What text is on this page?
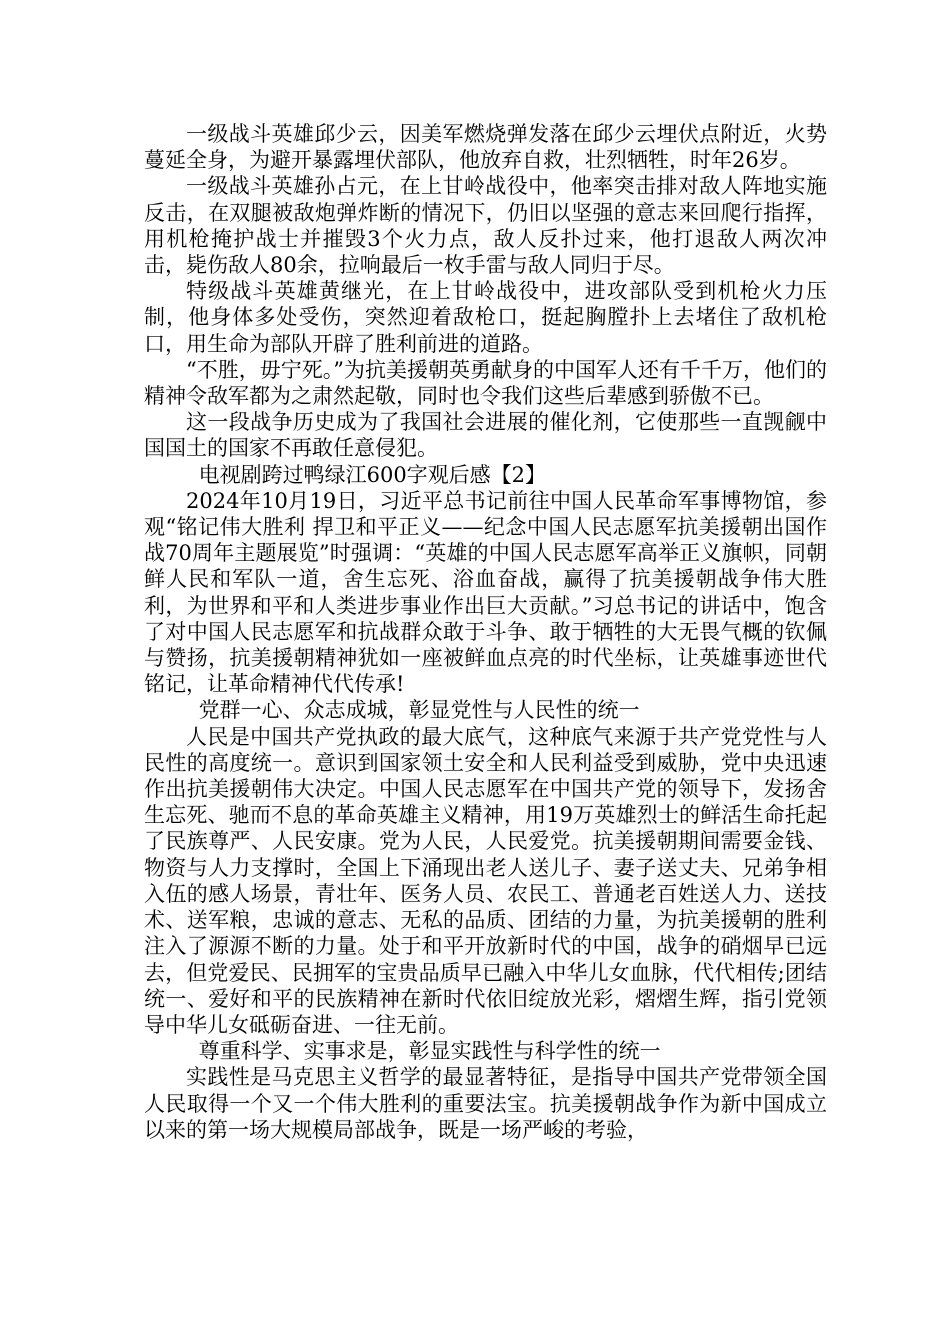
一级战斗英雄邱少云，因美军燃烧弹发落在邱少云埋伏点附近，火势蔓延全身，为避开暴露埋伏部队，他放弃自救，壮烈牺牲，时年26岁。

一级战斗英雄孙占元，在上甘岭战役中，他率突击排对敌人阵地实施反击，在双腿被敌炮弹炸断的情况下，仍旧以坚强的意志来回爬行指挥，用机枪掩护战士并摧毁3个火力点，敌人反扑过来，他打退敌人两次冲击，毙伤敌人80余，拉响最后一枚手雷与敌人同归于尽。

特级战斗英雄黄继光，在上甘岭战役中，进攻部队受到机枪火力压制，他身体多处受伤，突然迎着敌枪口，挺起胸膛扑上去堵住了敌机枪口，用生命为部队开辟了胜利前进的道路。

“不胜，毋宁死。”为抗美援朝英勇献身的中国军人还有千千万，他们的精神令敌军都为之肃然起敬，同时也令我们这些后辈感到骄傲不已。

这一段战争历史成为了我国社会进展的催化剂，它使那些一直觊觎中国国土的国家不再敢任意侵犯。

电视剧跨过鸭绿江600字观后感【2】

2024年10月19日，习近平总书记前往中国人民革命军事博物馆，参观“铭记伟大胜利 捍卫和平正义——纪念中国人民志愿军抗美援朝出国作战70周年主题展览”时强调：“英雄的中国人民志愿军高举正义旗帜，同朝鲜人民和军队一道，舍生忘死、浴血奋战，赢得了抗美援朝战争伟大胜利，为世界和平和人类进步事业作出巨大贡献。”习总书记的讲话中，饱含了对中国人民志愿军和抗战群众敢于斗争、敢于牺牲的大无畏气概的钦佩与赞扬，抗美援朝精神犹如一座被鲜血点亮的时代坐标，让英雄事迹世代铭记，让革命精神代代传承!

党群一心、众志成城，彰显党性与人民性的统一

人民是中国共产党执政的最大底气，这种底气来源于共产党党性与人民性的高度统一。意识到国家领土安全和人民利益受到威胁，党中央迅速作出抗美援朝伟大决定。中国人民志愿军在中国共产党的领导下，发扬舍生忘死、驰而不息的革命英雄主义精神，用19万英雄烈士的鲜活生命托起了民族尊严、人民安康。党为人民，人民爱党。抗美援朝期间需要金钱、物资与人力支撑时，全国上下涌现出老人送儿子、妻子送丈夫、兄弟争相入伍的感人场景，青壮年、医务人员、农民工、普通老百姓送人力、送技术、送军粮，忠诚的意志、无私的品质、团结的力量，为抗美援朝的胜利注入了源源不断的力量。处于和平开放新时代的中国，战争的硝烟早已远去，但党爱民、民拥军的宝贵品质早已融入中华儿女血脉，代代相传;团结统一、爱好和平的民族精神在新时代依旧绽放光彩，熠熠生辉，指引党领导中华儿女砥砺奋进、一往无前。

尊重科学、实事求是，彰显实践性与科学性的统一

实践性是马克思主义哲学的最显著特征，是指导中国共产党带领全国人民取得一个又一个伟大胜利的重要法宝。抗美援朝战争作为新中国成立以来的第一场大规模局部战争，既是一场严峻的考验，
